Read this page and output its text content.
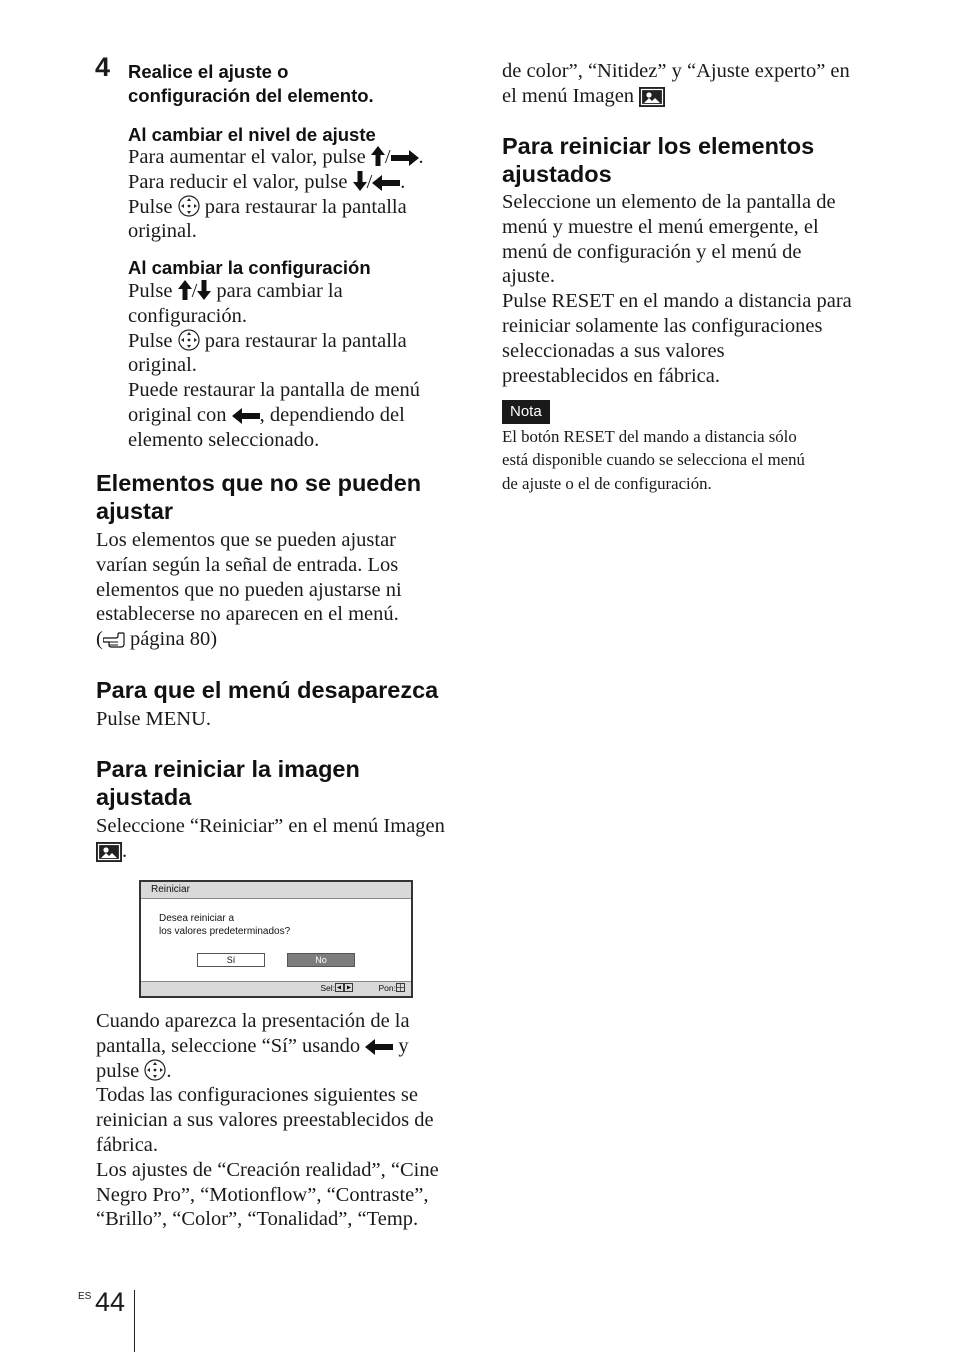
4 Realice el ajuste o
configuración del elemento.
Al cambiar el nivel de ajuste
Para aumentar el valor, pulse / .
Para reducir el valor, pulse / .
Pulse  para restaurar la pantalla
original.
Al cambiar la configuración
Pulse / para cambiar la
configuración.
Pulse  para restaurar la pantalla
original.
Puede restaurar la pantalla de menú
original con , dependiendo del
elemento seleccionado.
Elementos que no se pueden
ajustar
Los elementos que se pueden ajustar
varían según la señal de entrada. Los
elementos que no pueden ajustarse ni
establecerse no aparecen en el menú.
( página 80)
Para que el menú desaparezca
Pulse MENU.
Para reiniciar la imagen
ajustada
Seleccione “Reiniciar” en el menú Imagen
.
Reiniciar
Desea reiniciar a
los valores predeterminados?
Sí	No
Sel:	Pon:
Cuando aparezca la presentación de la
pantalla, seleccione “Sí” usando  y
pulse .
Todas las configuraciones siguientes se
reinician a sus valores preestablecidos de
fábrica.
Los ajustes de “Creación realidad”, “Cine
Negro Pro”, “Motionflow”, “Contraste”,
“Brillo”, “Color”, “Tonalidad”, “Temp.
de color”, “Nitidez” y “Ajuste experto” en
el menú Imagen
Para reiniciar los elementos
ajustados
Seleccione un elemento de la pantalla de
menú y muestre el menú emergente, el
menú de configuración y el menú de
ajuste.
Pulse RESET en el mando a distancia para
reiniciar solamente las configuraciones
seleccionadas a sus valores
preestablecidos en fábrica.
Nota
El botón RESET del mando a distancia sólo
está disponible cuando se selecciona el menú
de ajuste o el de configuración.
ES 44
